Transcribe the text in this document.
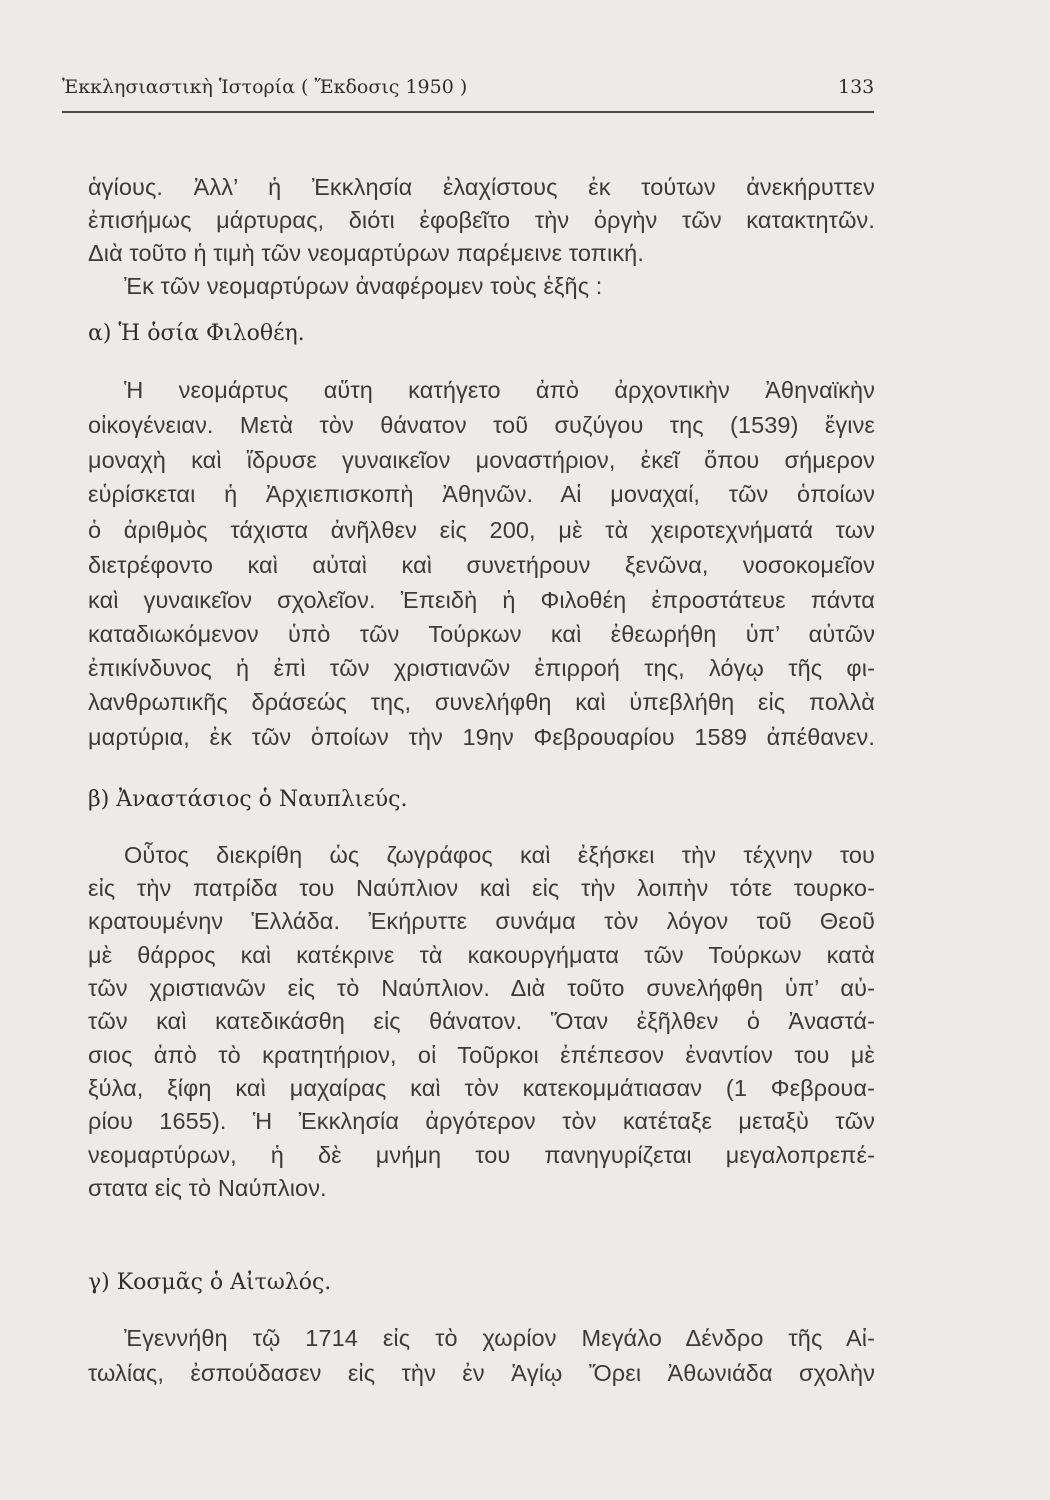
Ἐκκλησιαστικὴ Ἱστορία ( Ἔκδοσις 1950 )	133
ἁγίους. Ἀλλ’ ἡ Ἐκκλησία ἐλαχίστους ἐκ τούτων ἀνεκήρυττεν
ἐπισήμως μάρτυρας, διότι ἐφοβεῖτο τὴν ὀργὴν τῶν κατακτητῶν.
Διὰ τοῦτο ἡ τιμὴ τῶν νεομαρτύρων παρέμεινε τοπική.
Ἐκ τῶν νεομαρτύρων ἀναφέρομεν τοὺς ἑξῆς :
α) Ἡ ὁσία Φιλοθέη.
Ἡ νεομάρτυς αὕτη κατήγετο ἀπὸ ἀρχοντικὴν Ἀθηναϊκὴν
οἰκογένειαν. Μετὰ τὸν θάνατον τοῦ συζύγου της (1539) ἔγινε
μοναχὴ καὶ ἵδρυσε γυναικεῖον μοναστήριον, ἐκεῖ ὅπου σήμερον
εὑρίσκεται ἡ Ἀρχιεπισκοπὴ Ἀθηνῶν. Αἱ μοναχαί, τῶν ὁποίων
ὁ ἀριθμὸς τάχιστα ἀνῆλθεν εἰς 200, μὲ τὰ χειροτεχνήματά των
διετρέφοντο καὶ αὐταὶ καὶ συνετήρουν ξενῶνα, νοσοκομεῖον
καὶ γυναικεῖον σχολεῖον. Ἐπειδὴ ἡ Φιλοθέη ἐπροστάτευε πάντα
καταδιωκόμενον ὑπὸ τῶν Τούρκων καὶ ἐθεωρήθη ὑπ’ αὐτῶν
ἐπικίνδυνος ἡ ἐπὶ τῶν χριστιανῶν ἐπιρροή της, λόγῳ τῆς φι-
λανθρωπικῆς δράσεώς της, συνελήφθη καὶ ὑπεβλήθη εἰς πολλὰ
μαρτύρια, ἐκ τῶν ὁποίων τὴν 19ην Φεβρουαρίου 1589 ἀπέθανεν.
β) Ἀναστάσιος ὁ Ναυπλιεύς.
Οὗτος διεκρίθη ὡς ζωγράφος καὶ ἐξήσκει τὴν τέχνην του
εἰς τὴν πατρίδα του Ναύπλιον καὶ εἰς τὴν λοιπὴν τότε τουρκο-
κρατουμένην Ἑλλάδα. Ἐκήρυττε συνάμα τὸν λόγον τοῦ Θεοῦ
μὲ θάρρος καὶ κατέκρινε τὰ κακουργήματα τῶν Τούρκων κατὰ
τῶν χριστιανῶν εἰς τὸ Ναύπλιον. Διὰ τοῦτο συνελήφθη ὑπ’ αὐ-
τῶν καὶ κατεδικάσθη εἰς θάνατον. Ὅταν ἐξῆλθεν ὁ Ἀναστά-
σιος ἀπὸ τὸ κρατητήριον, οἱ Τοῦρκοι ἐπέπεσον ἐναντίον του μὲ
ξύλα, ξίφη καὶ μαχαίρας καὶ τὸν κατεκομμάτιασαν (1 Φεβρουα-
ρίου 1655). Ἡ Ἐκκλησία ἀργότερον τὸν κατέταξε μεταξὺ τῶν
νεομαρτύρων, ἡ δὲ μνήμη του πανηγυρίζεται μεγαλοπρεπέ-
στατα εἰς τὸ Ναύπλιον.
γ) Κοσμᾶς ὁ Αἰτωλός.
Ἐγεννήθη τῷ 1714 εἰς τὸ χωρίον Μεγάλο Δένδρο τῆς Αἰ-
τωλίας, ἐσπούδασεν εἰς τὴν ἐν Ἁγίῳ Ὄρει Ἀθωνιάδα σχολὴν
